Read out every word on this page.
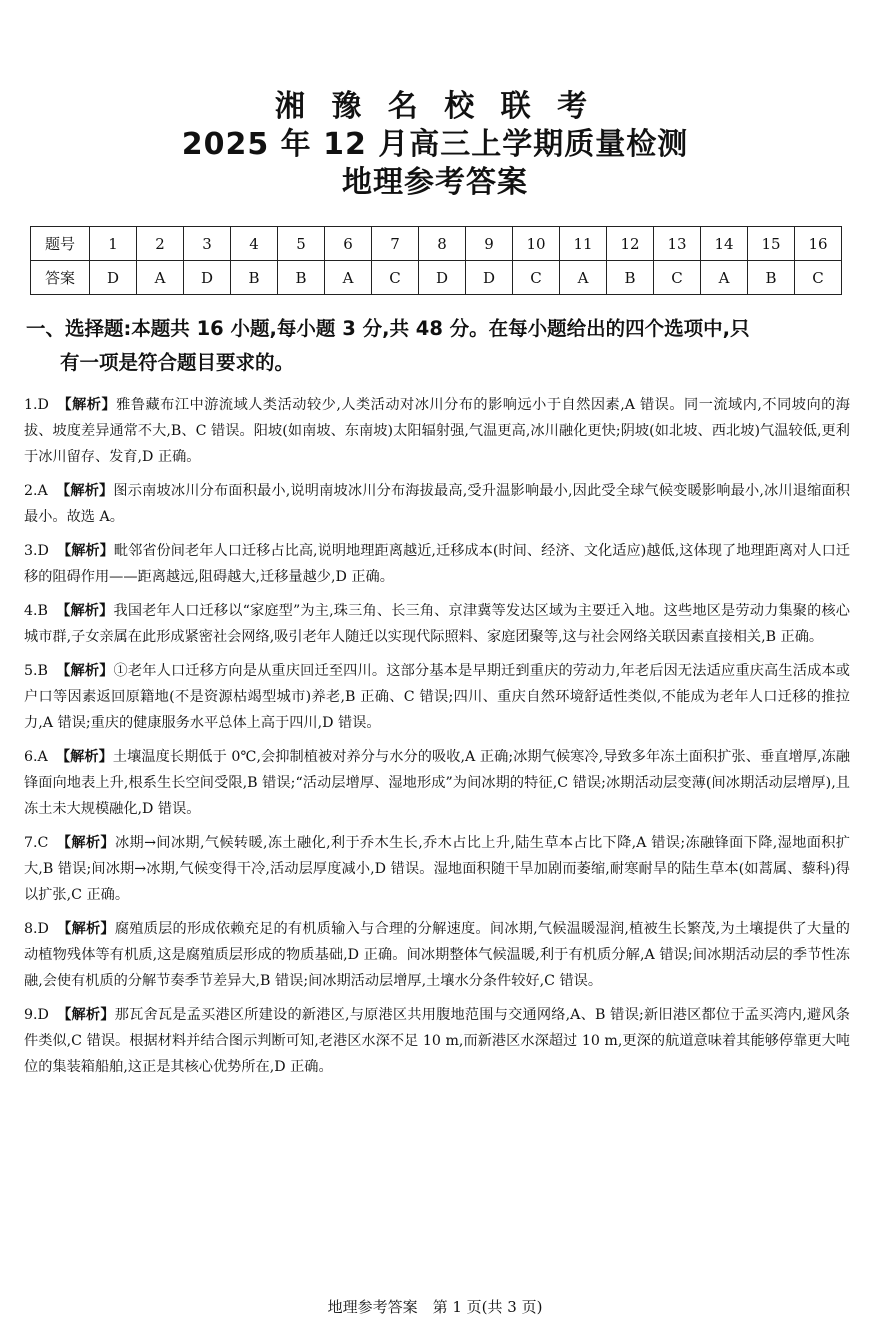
湘 豫 名 校 联 考
2025 年 12 月高三上学期质量检测
地理参考答案
题号	1	2	3	4	5	6	7	8	9	10	11	12	13	14	15	16
答案	D	A	D	B	B	A	C	D	D	C	A	B	C	A	B	C
一、选择题:本题共 16 小题,每小题 3 分,共 48 分。在每小题给出的四个选项中,只
有一项是符合题目要求的。
1.D 【解析】雅鲁藏布江中游流域人类活动较少,人类活动对冰川分布的影响远小于自然因素,A 错误。同一流域内,不同坡向的海拔、坡度差异通常不大,B、C 错误。阳坡(如南坡、东南坡)太阳辐射强,气温更高,冰川融化更快;阴坡(如北坡、西北坡)气温较低,更利于冰川留存、发育,D 正确。
2.A 【解析】图示南坡冰川分布面积最小,说明南坡冰川分布海拔最高,受升温影响最小,因此受全球气候变暖影响最小,冰川退缩面积最小。故选 A。
3.D 【解析】毗邻省份间老年人口迁移占比高,说明地理距离越近,迁移成本(时间、经济、文化适应)越低,这体现了地理距离对人口迁移的阻碍作用——距离越远,阻碍越大,迁移量越少,D 正确。
4.B 【解析】我国老年人口迁移以“家庭型”为主,珠三角、长三角、京津冀等发达区域为主要迁入地。这些地区是劳动力集聚的核心城市群,子女亲属在此形成紧密社会网络,吸引老年人随迁以实现代际照料、家庭团聚等,这与社会网络关联因素直接相关,B 正确。
5.B 【解析】①老年人口迁移方向是从重庆回迁至四川。这部分基本是早期迁到重庆的劳动力,年老后因无法适应重庆高生活成本或户口等因素返回原籍地(不是资源枯竭型城市)养老,B 正确、C 错误;四川、重庆自然环境舒适性类似,不能成为老年人口迁移的推拉力,A 错误;重庆的健康服务水平总体上高于四川,D 错误。
6.A 【解析】土壤温度长期低于 0℃,会抑制植被对养分与水分的吸收,A 正确;冰期气候寒冷,导致多年冻土面积扩张、垂直增厚,冻融锋面向地表上升,根系生长空间受限,B 错误;“活动层增厚、湿地形成”为间冰期的特征,C 错误;冰期活动层变薄(间冰期活动层增厚),且冻土未大规模融化,D 错误。
7.C 【解析】冰期→间冰期,气候转暖,冻土融化,利于乔木生长,乔木占比上升,陆生草本占比下降,A 错误;冻融锋面下降,湿地面积扩大,B 错误;间冰期→冰期,气候变得干冷,活动层厚度减小,D 错误。湿地面积随干旱加剧而萎缩,耐寒耐旱的陆生草本(如蒿属、藜科)得以扩张,C 正确。
8.D 【解析】腐殖质层的形成依赖充足的有机质输入与合理的分解速度。间冰期,气候温暖湿润,植被生长繁茂,为土壤提供了大量的动植物残体等有机质,这是腐殖质层形成的物质基础,D 正确。间冰期整体气候温暖,利于有机质分解,A 错误;间冰期活动层的季节性冻融,会使有机质的分解节奏季节差异大,B 错误;间冰期活动层增厚,土壤水分条件较好,C 错误。
9.D 【解析】那瓦舍瓦是孟买港区所建设的新港区,与原港区共用腹地范围与交通网络,A、B 错误;新旧港区都位于孟买湾内,避风条件类似,C 错误。根据材料并结合图示判断可知,老港区水深不足 10 m,而新港区水深超过 10 m,更深的航道意味着其能够停靠更大吨位的集装箱船舶,这正是其核心优势所在,D 正确。
地理参考答案　第 1 页(共 3 页)
